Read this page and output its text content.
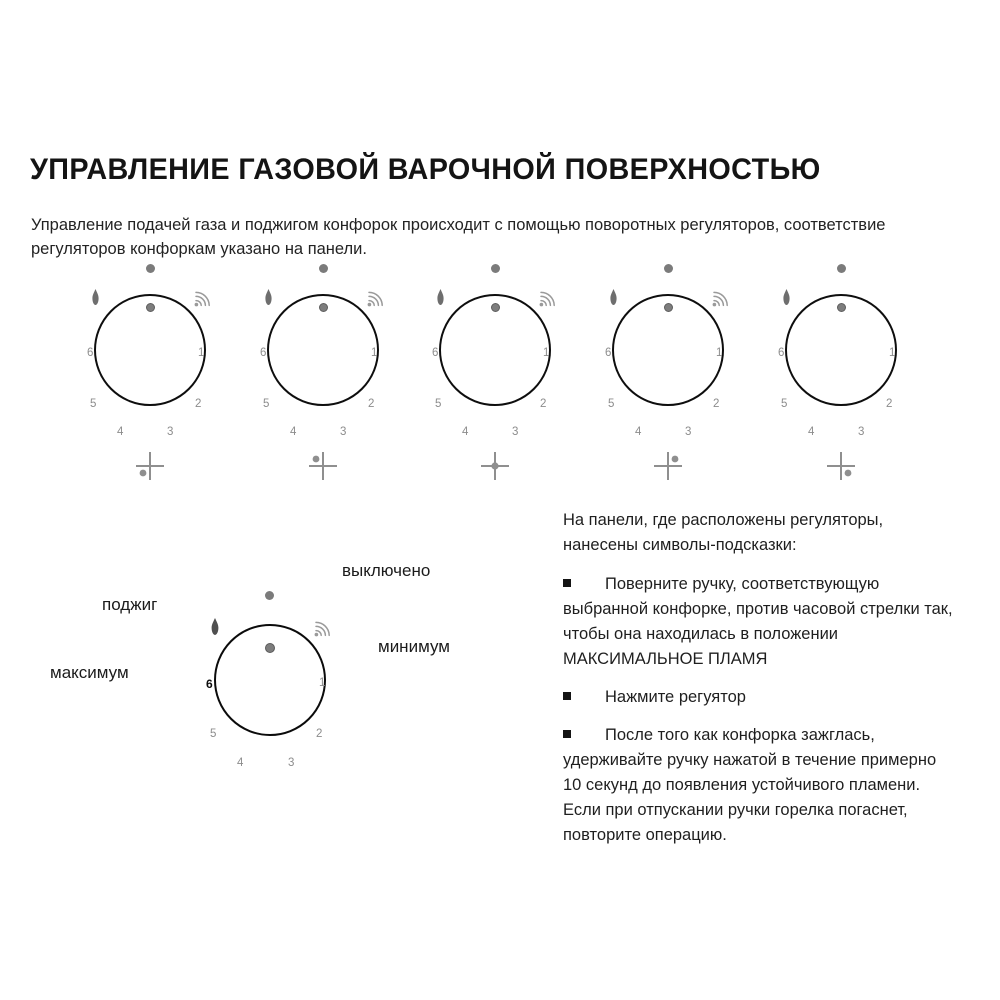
УПРАВЛЕНИЕ ГАЗОВОЙ ВАРОЧНОЙ ПОВЕРХНОСТЬЮ

Управление подачей газа и поджигом конфорок происходит с помощью поворотных регуляторов, соответствие регуляторов конфоркам указано на панели.

1
2
3
4
5
6	1
2
3
4
5
6	1
2
3
4
5
6	1
2
3
4
5
6	1
2
3
4
5
6
выключено
поджиг
максимум
минимум
1
2
3
4
5
6

На панели, где расположены регуляторы, нанесены символы-подсказки:

Поверните ручку, соответствующую выбранной конфорке, против часовой стрелки так, чтобы она находилась в положении МАКСИМАЛЬНОЕ ПЛАМЯ

Нажмите регуятор

После того как конфорка зажглась, удерживайте ручку нажатой в течение примерно 10 секунд до появления устойчивого пламени. Если при отпускании ручки горелка погаснет, повторите операцию.
